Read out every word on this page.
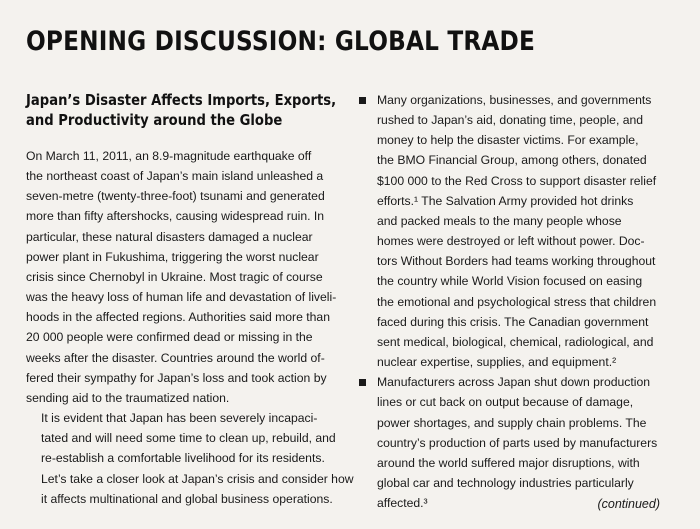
OPENING DISCUSSION: GLOBAL TRADE
Japan’s Disaster Affects Imports, Exports,
and Productivity around the Globe

On March 11, 2011, an 8.9-magnitude earthquake off
the northeast coast of Japan’s main island unleashed a
seven-metre (twenty-three-foot) tsunami and generated
more than fifty aftershocks, causing widespread ruin. In
particular, these natural disasters damaged a nuclear
power plant in Fukushima, triggering the worst nuclear
crisis since Chernobyl in Ukraine. Most tragic of course
was the heavy loss of human life and devastation of liveli-
hoods in the affected regions. Authorities said more than
20 000 people were confirmed dead or missing in the
weeks after the disaster. Countries around the world of-
fered their sympathy for Japan’s loss and took action by
sending aid to the traumatized nation.

It is evident that Japan has been severely incapaci-
tated and will need some time to clean up, rebuild, and
re-establish a comfortable livelihood for its residents.
Let’s take a closer look at Japan’s crisis and consider how
it affects multinational and global business operations.

Many organizations, businesses, and governments
rushed to Japan’s aid, donating time, people, and
money to help the disaster victims. For example,
the BMO Financial Group, among others, donated
$100 000 to the Red Cross to support disaster relief
efforts.¹ The Salvation Army provided hot drinks
and packed meals to the many people whose
homes were destroyed or left without power. Doc-
tors Without Borders had teams working throughout
the country while World Vision focused on easing
the emotional and psychological stress that children
faced during this crisis. The Canadian government
sent medical, biological, chemical, radiological, and
nuclear expertise, supplies, and equipment.²
Manufacturers across Japan shut down production
lines or cut back on output because of damage,
power shortages, and supply chain problems. The
country’s production of parts used by manufacturers
around the world suffered major disruptions, with
global car and technology industries particularly
affected.³	(continued)
